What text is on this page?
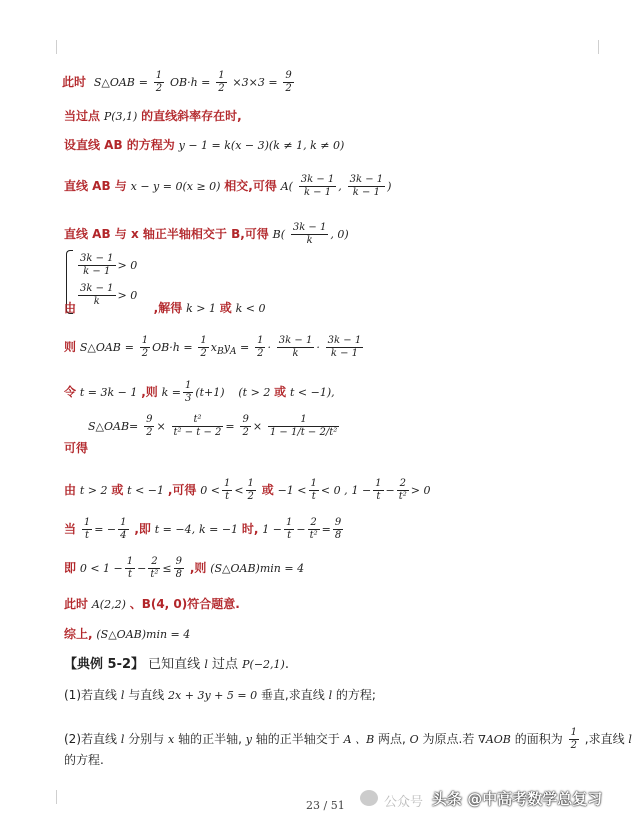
此时 S△OAB = $\frac{1}{2} OB\cdot h = \frac{1}{2} \times 3\times 3 = \frac{9}{2}$
当过点 P(3,1) 的直线斜率存在时,
设直线 AB 的方程为 y − 1 = k(x − 3)(k ≠ 1, k ≠ 0)
直线 AB 与 x − y = 0(x ≥ 0) 相交,可得 $A( \frac{3k - 1}{k - 1}$ , $\frac{3k - 1}{k - 1}$ )
直线 AB 与 x 轴正半轴相交于 B,可得 $B( \frac{3k - 1}{k}$ , 0)
$\frac{3k - 1}{k - 1} > 0$
$\frac{3k - 1}{k} > 0$
由	,解得 k > 1 或 k < 0
则 S△OAB = $\frac{1}{2} OB\cdot h = \frac{1}{2} x_By_A = \frac{1}{2} \cdot \frac{3k - 1}{k} \cdot \frac{3k - 1}{k - 1}$
令 t = 3k − 1 ,则 $k = \frac{1}{3} (t+1) (t > 2$ 或 t < −1),
S△OAB= $\frac{9}{2} \times \frac{\text{t²}}{\text{t² − t − 2}} = \frac{9}{2} \times \frac{1}{\text{1 − 1/t − 2/t²}}$
可得
由 t > 2 或 t < −1 ,可得 $0 < \frac{1}{t} < \frac{1}{2}$ 或 $-1 < \frac{1}{t} < 0$ , $1 - \frac{1}{t} - \frac{2}{\text{t²}} > 0$
当 $\frac{1}{t}$ = − $\frac{1}{4}$ ,即 t = −4, k = −1 时, $1 - \frac{1}{t} - \frac{2}{\text{t²}} = \frac{9}{8}$
即 $0 < 1 - \frac{1}{t} - \frac{2}{\text{t²}} \le \frac{9}{8}$ ,则 (S△OAB)min = 4
此时 A(2,2) 、B(4, 0)符合题意.
综上, (S△OAB)min = 4
【典例 5-2】 已知直线 l 过点 P(−2,1).
(1)若直线 l 与直线 2x + 3y + 5 = 0 垂直,求直线 l 的方程;
(2)若直线 l 分别与 x 轴的正半轴, y 轴的正半轴交于 A 、B 两点, O 为原点.若 ∇AOB 的面积为 $\frac{1}{2}$ ,求直线 l
的方程.
公众号 头条 @中高考数学总复习
23 / 51
